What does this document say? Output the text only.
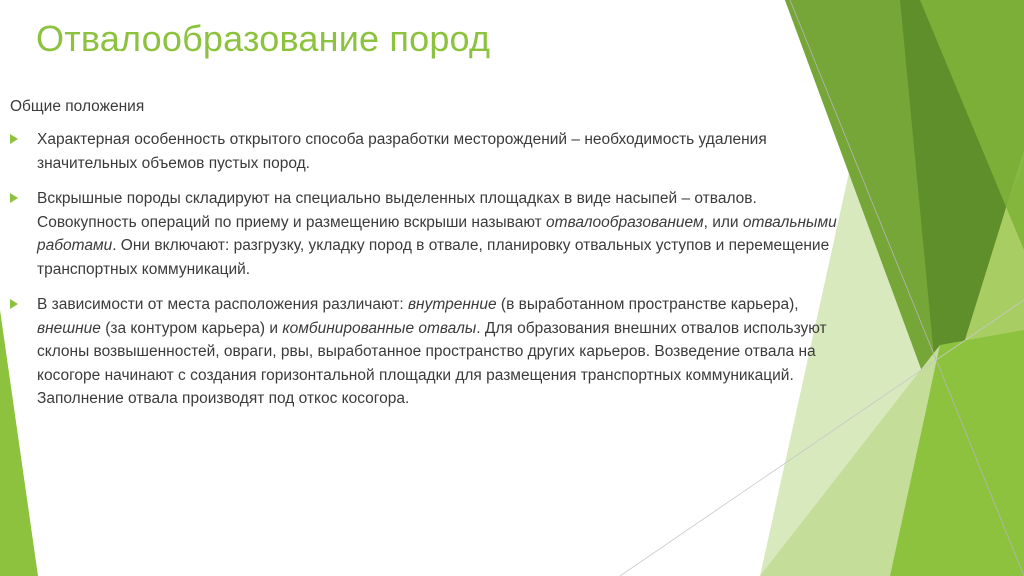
Отвалообразование пород
Общие положения
Характерная особенность открытого способа разработки месторождений – необходимость удаления значительных объемов пустых пород.
Вскрышные породы складируют на специально выделенных площадках в виде насыпей – отвалов. Совокупность операций по приему и размещению вскрыши называют отвалообразованием, или отвальными работами. Они включают: разгрузку, укладку пород в отвале, планировку отвальных уступов и перемещение транспортных коммуникаций.
В зависимости от места расположения различают: внутренние (в выработанном пространстве карьера), внешние (за контуром карьера) и комбинированные отвалы. Для образования внешних отвалов используют склоны возвышенностей, овраги, рвы, выработанное пространство других карьеров. Возведение отвала на косогоре начинают с создания горизонтальной площадки для размещения транспортных коммуникаций. Заполнение отвала производят под откос косогора.
